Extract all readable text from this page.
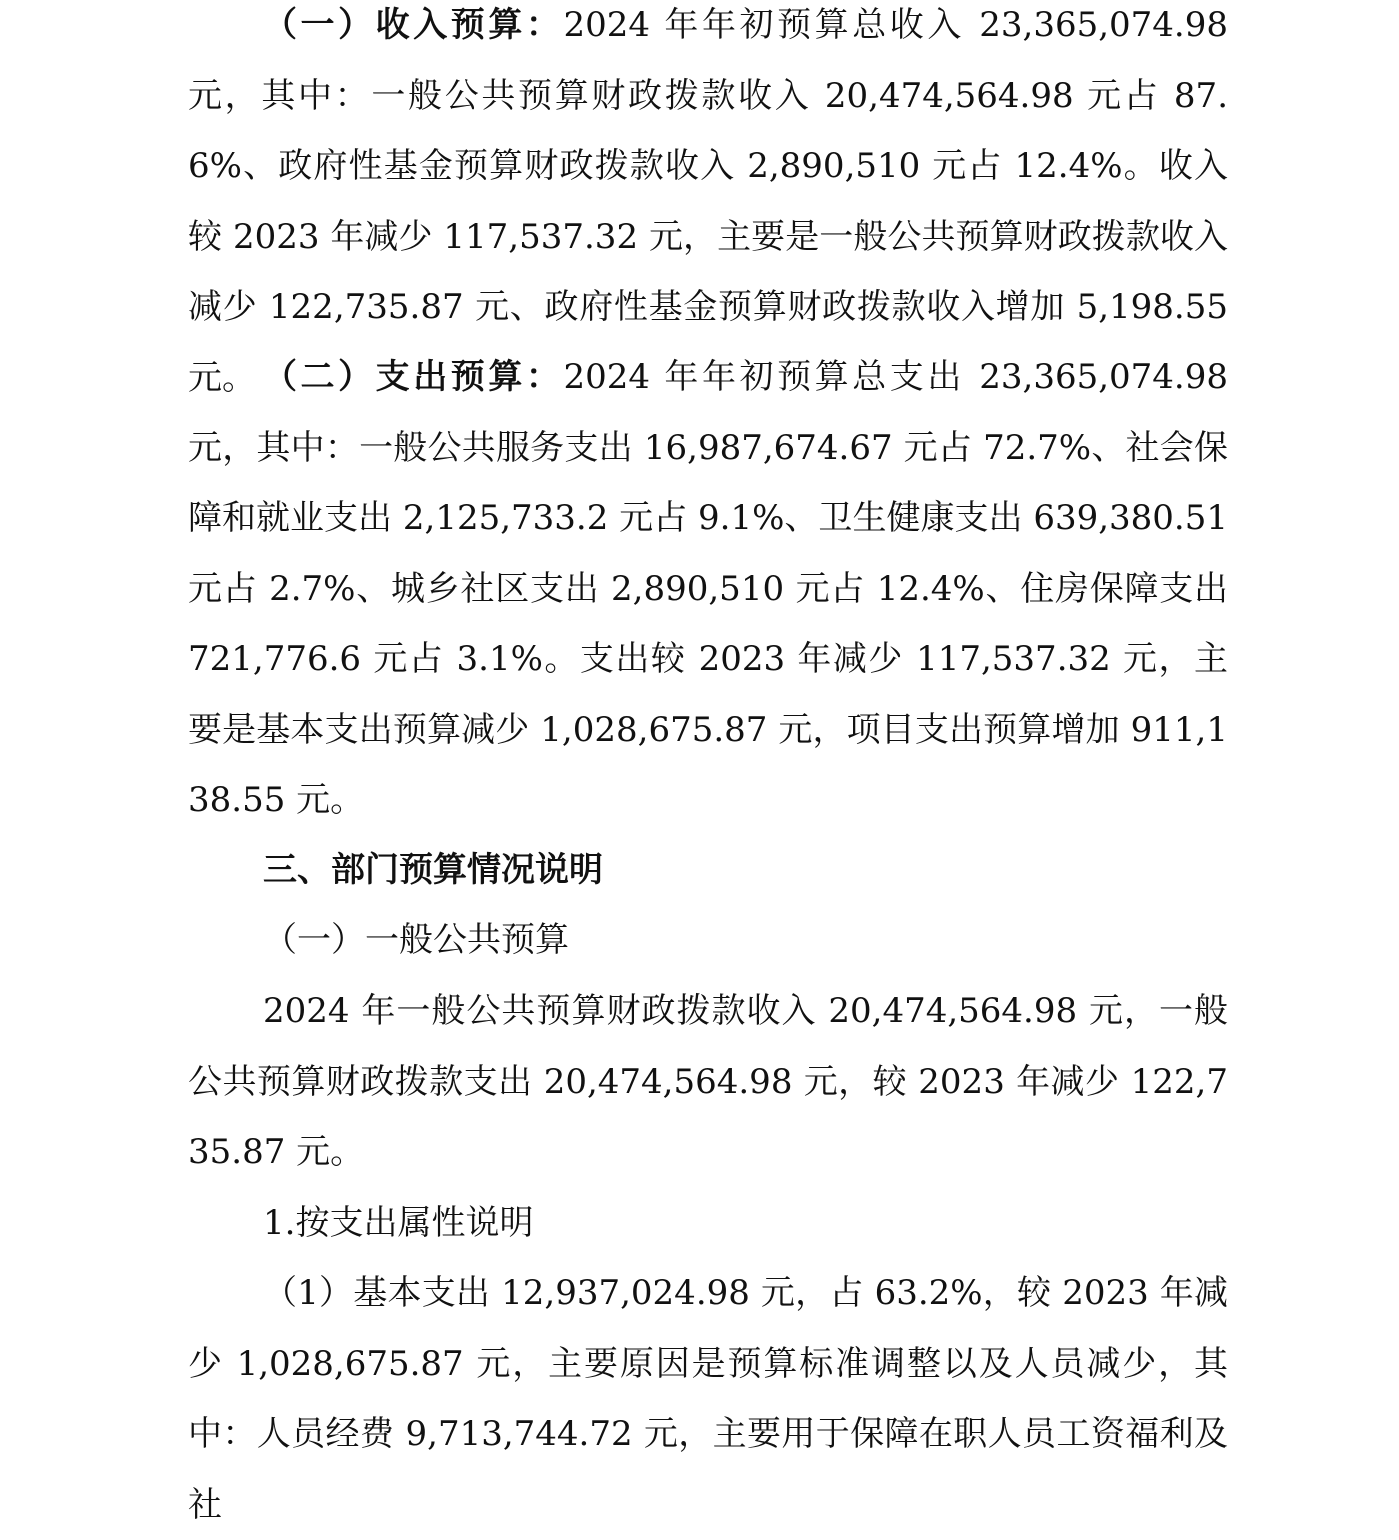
（一）收入预算：2024 年年初预算总收入 23,365,074.98 元，其中：一般公共预算财政拨款收入 20,474,564.98 元占 87.6%、政府性基金预算财政拨款收入 2,890,510 元占 12.4%。收入较 2023 年减少 117,537.32 元，主要是一般公共预算财政拨款收入减少 122,735.87 元、政府性基金预算财政拨款收入增加 5,198.55 元。 （二）支出预算：2024 年年初预算总支出 23,365,074.98 元，其中：一般公共服务支出 16,987,674.67 元占 72.7%、社会保障和就业支出 2,125,733.2 元占 9.1%、卫生健康支出 639,380.51 元占 2.7%、城乡社区支出 2,890,510 元占 12.4%、住房保障支出 721,776.6 元占 3.1%。支出较 2023 年减少 117,537.32 元，主要是基本支出预算减少 1,028,675.87 元，项目支出预算增加 911,138.55 元。

三、部门预算情况说明
（一）一般公共预算

2024 年一般公共预算财政拨款收入 20,474,564.98 元，一般公共预算财政拨款支出 20,474,564.98 元，较 2023 年减少 122,735.87 元。

1.按支出属性说明

（1）基本支出 12,937,024.98 元，占 63.2%，较 2023 年减少 1,028,675.87 元，主要原因是预算标准调整以及人员减少，其中：人员经费 9,713,744.72 元，主要用于保障在职人员工资福利及社
